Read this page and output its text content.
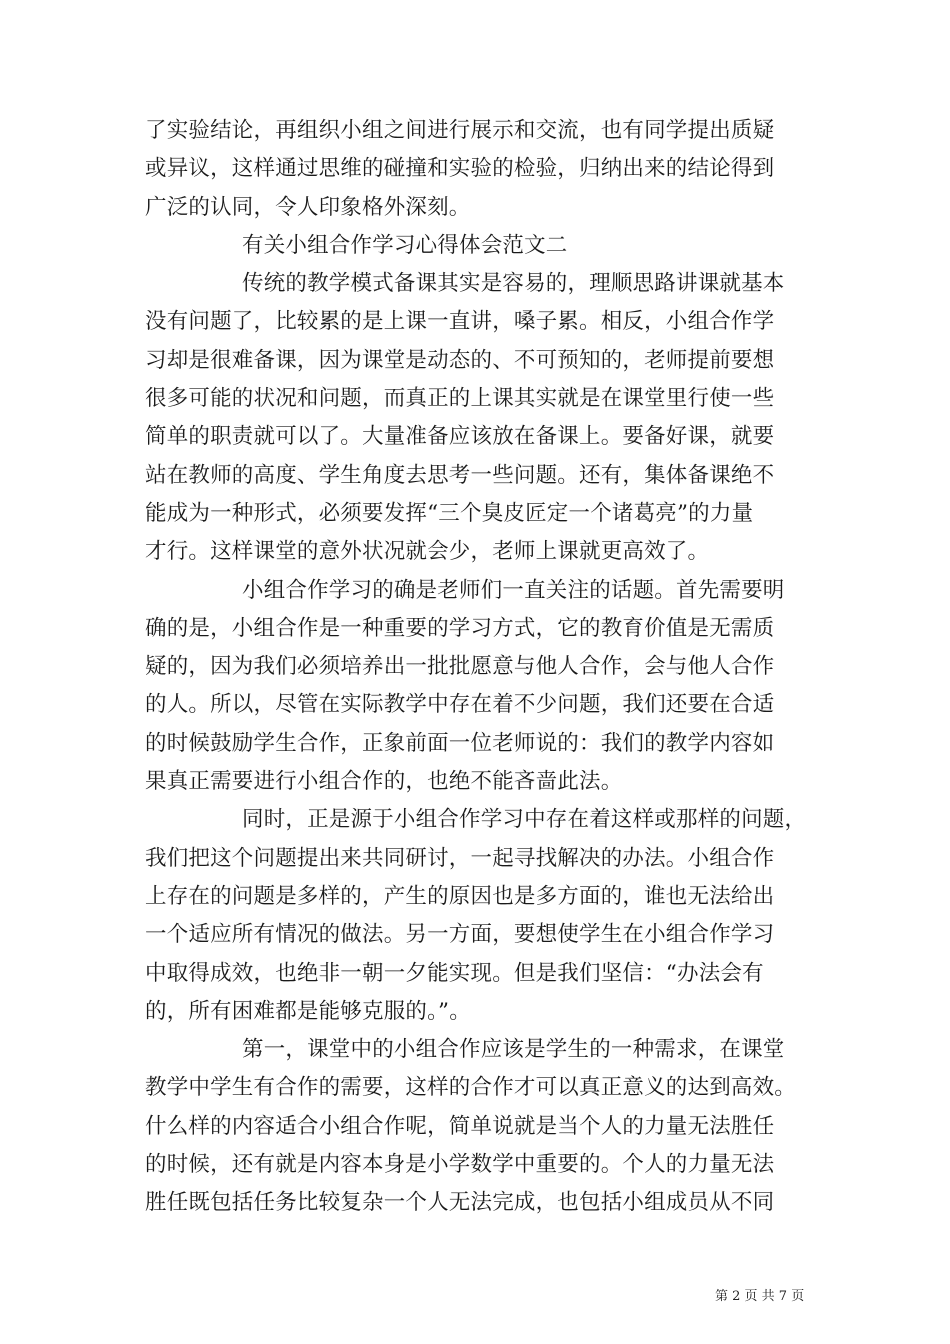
了实验结论，再组织小组之间进行展示和交流，也有同学提出质疑
或异议，这样通过思维的碰撞和实验的检验，归纳出来的结论得到
广泛的认同，令人印象格外深刻。
有关小组合作学习心得体会范文二
传统的教学模式备课其实是容易的，理顺思路讲课就基本
没有问题了，比较累的是上课一直讲，嗓子累。相反，小组合作学
习却是很难备课，因为课堂是动态的、不可预知的，老师提前要想
很多可能的状况和问题，而真正的上课其实就是在课堂里行使一些
简单的职责就可以了。大量准备应该放在备课上。要备好课，就要
站在教师的高度、学生角度去思考一些问题。还有，集体备课绝不
能成为一种形式，必须要发挥“三个臭皮匠定一个诸葛亮”的力量
才行。这样课堂的意外状况就会少，老师上课就更高效了。
小组合作学习的确是老师们一直关注的话题。首先需要明
确的是，小组合作是一种重要的学习方式，它的教育价值是无需质
疑的，因为我们必须培养出一批批愿意与他人合作，会与他人合作
的人。所以，尽管在实际教学中存在着不少问题，我们还要在合适
的时候鼓励学生合作，正象前面一位老师说的：我们的教学内容如
果真正需要进行小组合作的，也绝不能吝啬此法。
同时，正是源于小组合作学习中存在着这样或那样的问题，
我们把这个问题提出来共同研讨，一起寻找解决的办法。小组合作
上存在的问题是多样的，产生的原因也是多方面的，谁也无法给出
一个适应所有情况的做法。另一方面，要想使学生在小组合作学习
中取得成效，也绝非一朝一夕能实现。但是我们坚信：“办法会有
的，所有困难都是能够克服的。”。
第一，课堂中的小组合作应该是学生的一种需求，在课堂
教学中学生有合作的需要，这样的合作才可以真正意义的达到高效。
什么样的内容适合小组合作呢，简单说就是当个人的力量无法胜任
的时候，还有就是内容本身是小学数学中重要的。个人的力量无法
胜任既包括任务比较复杂一个人无法完成，也包括小组成员从不同
第 2 页 共 7 页
